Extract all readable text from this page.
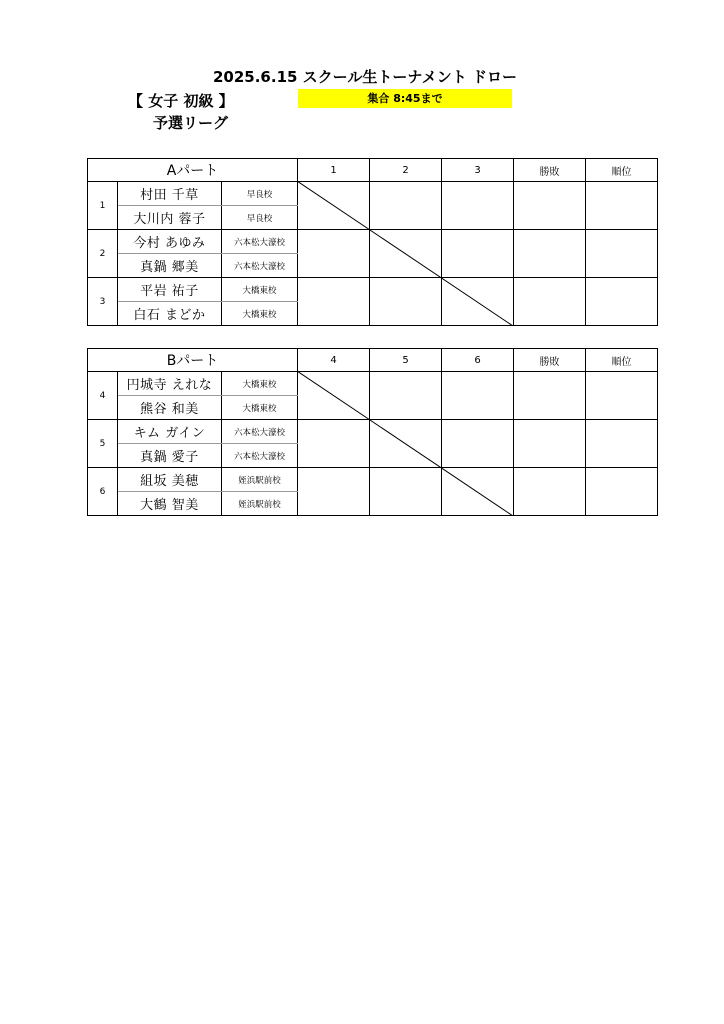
2025.6.15 スクール生トーナメント ドロー
【 女子 初級 】	集合 8:45まで
予選リーグ
Aパート			1	2	3	勝敗	順位
1	村田 千草	早良校					
	大川内 蓉子	早良校					
2	今村 あゆみ	六本松大濠校					
	真鍋 郷美	六本松大濠校					
3	平岩 祐子	大橋東校					
	白石 まどか	大橋東校					
Bパート			4	5	6	勝敗	順位
4	円城寺 えれな	大橋東校					
	熊谷 和美	大橋東校					
5	キム ガイン	六本松大濠校					
	真鍋 愛子	六本松大濠校					
6	組坂 美穂	姪浜駅前校					
	大鶴 智美	姪浜駅前校					
